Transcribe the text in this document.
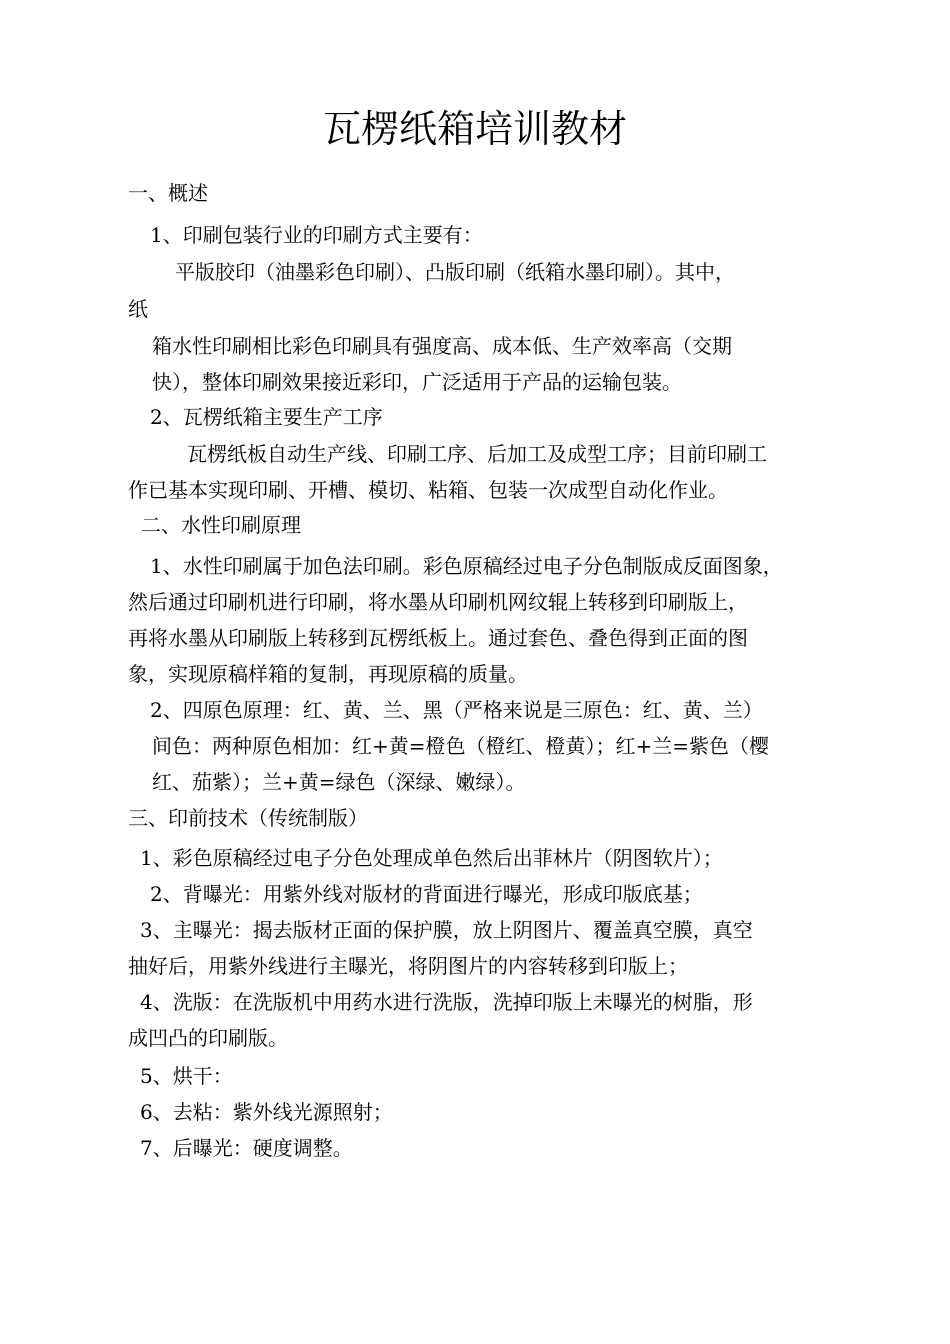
瓦楞纸箱培训教材
一、概述
1、印刷包装行业的印刷方式主要有：
平版胶印（油墨彩色印刷）、凸版印刷（纸箱水墨印刷）。其中，
纸
箱水性印刷相比彩色印刷具有强度高、成本低、生产效率高（交期
快），整体印刷效果接近彩印，广泛适用于产品的运输包装。
2、瓦楞纸箱主要生产工序
瓦楞纸板自动生产线、印刷工序、后加工及成型工序；目前印刷工
作已基本实现印刷、开槽、模切、粘箱、包装一次成型自动化作业。
二、水性印刷原理
1、水性印刷属于加色法印刷。彩色原稿经过电子分色制版成反面图象，
然后通过印刷机进行印刷，将水墨从印刷机网纹辊上转移到印刷版上，
再将水墨从印刷版上转移到瓦楞纸板上。通过套色、叠色得到正面的图
象，实现原稿样箱的复制，再现原稿的质量。
2、四原色原理：红、黄、兰、黑（严格来说是三原色：红、黄、兰）
间色：两种原色相加：红+黄=橙色（橙红、橙黄）；红+兰=紫色（樱
红、茄紫）；兰+黄=绿色（深绿、嫩绿）。
三、印前技术（传统制版）
1、彩色原稿经过电子分色处理成单色然后出菲林片（阴图软片）；
2、背曝光：用紫外线对版材的背面进行曝光，形成印版底基；
3、主曝光：揭去版材正面的保护膜，放上阴图片、覆盖真空膜，真空
抽好后，用紫外线进行主曝光，将阴图片的内容转移到印版上；
4、洗版：在洗版机中用药水进行洗版，洗掉印版上未曝光的树脂，形
成凹凸的印刷版。
5、烘干：
6、去粘：紫外线光源照射；
7、后曝光：硬度调整。
